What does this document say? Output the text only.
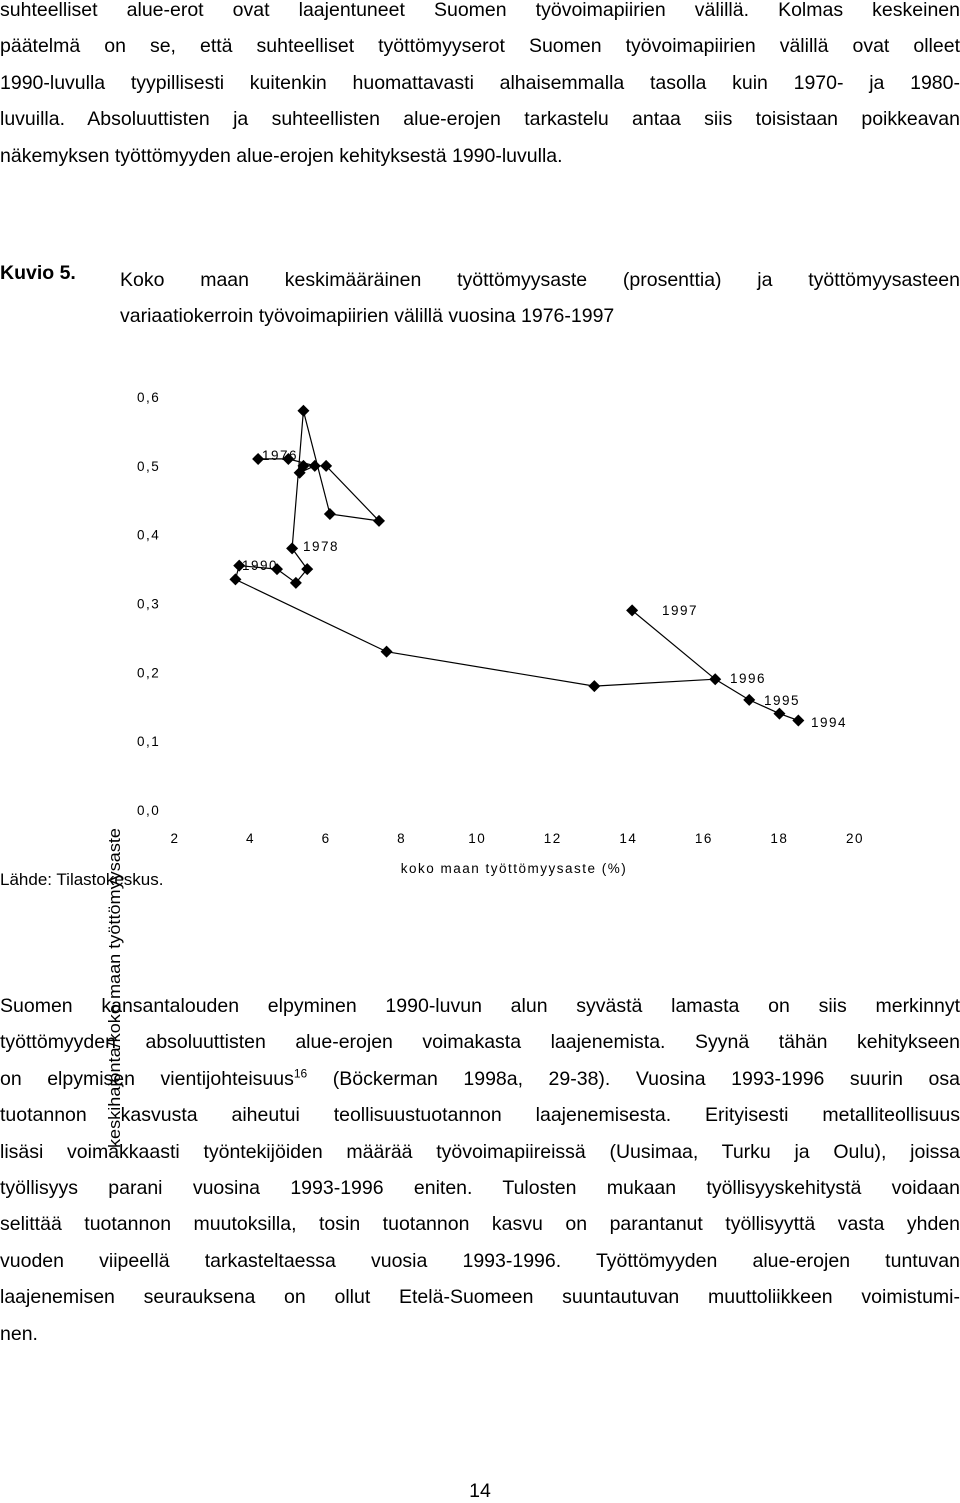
suhteelliset alue-erot ovat laajentuneet Suomen työvoimapiirien välillä. Kolmas keskeinen
päätelmä on se, että suhteelliset työttömyyserot Suomen työvoimapiirien välillä ovat olleet
1990-luvulla tyypillisesti kuitenkin huomattavasti alhaisemmalla tasolla kuin 1970- ja 1980-
luvuilla. Absoluuttisten ja suhteellisten alue-erojen tarkastelu antaa siis toisistaan poikkeavan
näkemyksen työttömyyden alue-erojen kehityksestä 1990-luvulla.
Kuvio 5. Koko maan keskimääräinen työttömyysaste (prosenttia) ja työttömyysasteen
variaatiokerroin työvoimapiirien välillä vuosina 1976‑1997
keskihajonta/koko maan työttömyysaste
0,0
0,1
0,2
0,3
0,4
0,5
0,6
2	4	6	8	10	12	14	16	18	20
1976
1978
1990
1997
1996
1995
1994
koko maan työttömyysaste (%)
Lähde: Tilastokeskus.
Suomen kansantalouden elpyminen 1990-luvun alun syvästä lamasta on siis merkinnyt
työttömyyden absoluuttisten alue-erojen voimakasta laajenemista. Syynä tähän kehitykseen
on elpymisen vientijohteisuus$^{16}$ (Böckerman 1998a, 29‑38). Vuosina 1993‑1996 suurin osa
tuotannon kasvusta aiheutui teollisuustuotannon laajenemisesta. Erityisesti metalliteollisuus
lisäsi voimakkaasti työntekijöiden määrää työvoimapiireissä (Uusimaa, Turku ja Oulu), joissa
työllisyys parani vuosina 1993‑1996 eniten. Tulosten mukaan työllisyyskehitystä voidaan
selittää tuotannon muutoksilla, tosin tuotannon kasvu on parantanut työllisyyttä vasta yhden
vuoden viipeellä tarkasteltaessa vuosia 1993‑1996. Työttömyyden alue-erojen tuntuvan
laajenemisen seurauksena on ollut Etelä-Suomeen suuntautuvan muuttoliikkeen voimistumi-
nen.
14
